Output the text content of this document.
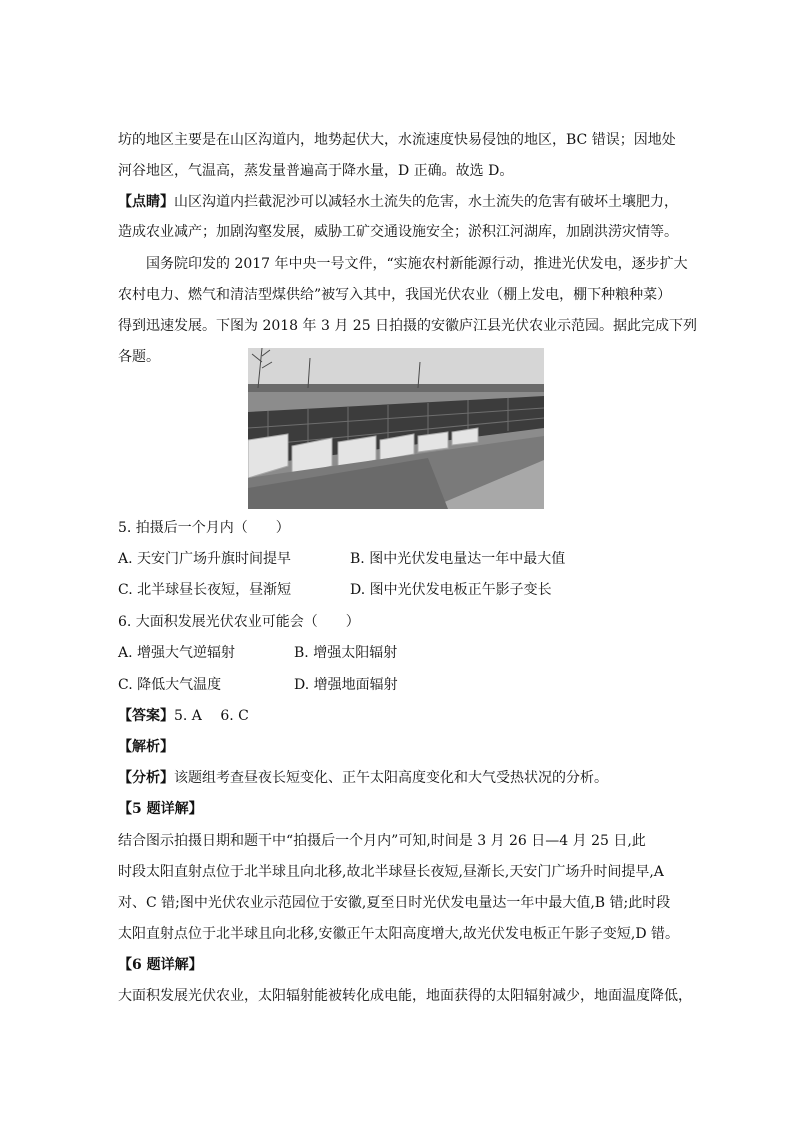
坊的地区主要是在山区沟道内，地势起伏大，水流速度快易侵蚀的地区，BC 错误；因地处
河谷地区，气温高，蒸发量普遍高于降水量，D 正确。故选 D。
【点睛】山区沟道内拦截泥沙可以减轻水土流失的危害，水土流失的危害有破坏土壤肥力，
造成农业减产；加剧沟壑发展，威胁工矿交通设施安全；淤积江河湖库，加剧洪涝灾情等。
国务院印发的 2017 年中央一号文件，“实施农村新能源行动，推进光伏发电，逐步扩大
农村电力、燃气和清洁型煤供给”被写入其中，我国光伏农业（棚上发电，棚下种粮种菜）
得到迅速发展。下图为 2018 年 3 月 25 日拍摄的安徽庐江县光伏农业示范园。据此完成下列
各题。
5. 拍摄后一个月内（　　）
A. 天安门广场升旗时间提早	B. 图中光伏发电量达一年中最大值
C. 北半球昼长夜短，昼渐短	D. 图中光伏发电板正午影子变长
6. 大面积发展光伏农业可能会（　　）
A. 增强大气逆辐射	B. 增强太阳辐射
C. 降低大气温度	D. 增强地面辐射
【答案】5. A　 6. C
【解析】
【分析】该题组考查昼夜长短变化、正午太阳高度变化和大气受热状况的分析。
【5 题详解】
结合图示拍摄日期和题干中“拍摄后一个月内”可知,时间是 3 月 26 日—4 月 25 日,此
时段太阳直射点位于北半球且向北移,故北半球昼长夜短,昼渐长,天安门广场升时间提早,A
对、C 错;图中光伏农业示范园位于安徽,夏至日时光伏发电量达一年中最大值,B 错;此时段
太阳直射点位于北半球且向北移,安徽正午太阳高度增大,故光伏发电板正午影子变短,D 错。
【6 题详解】
大面积发展光伏农业，太阳辐射能被转化成电能，地面获得的太阳辐射减少，地面温度降低，
